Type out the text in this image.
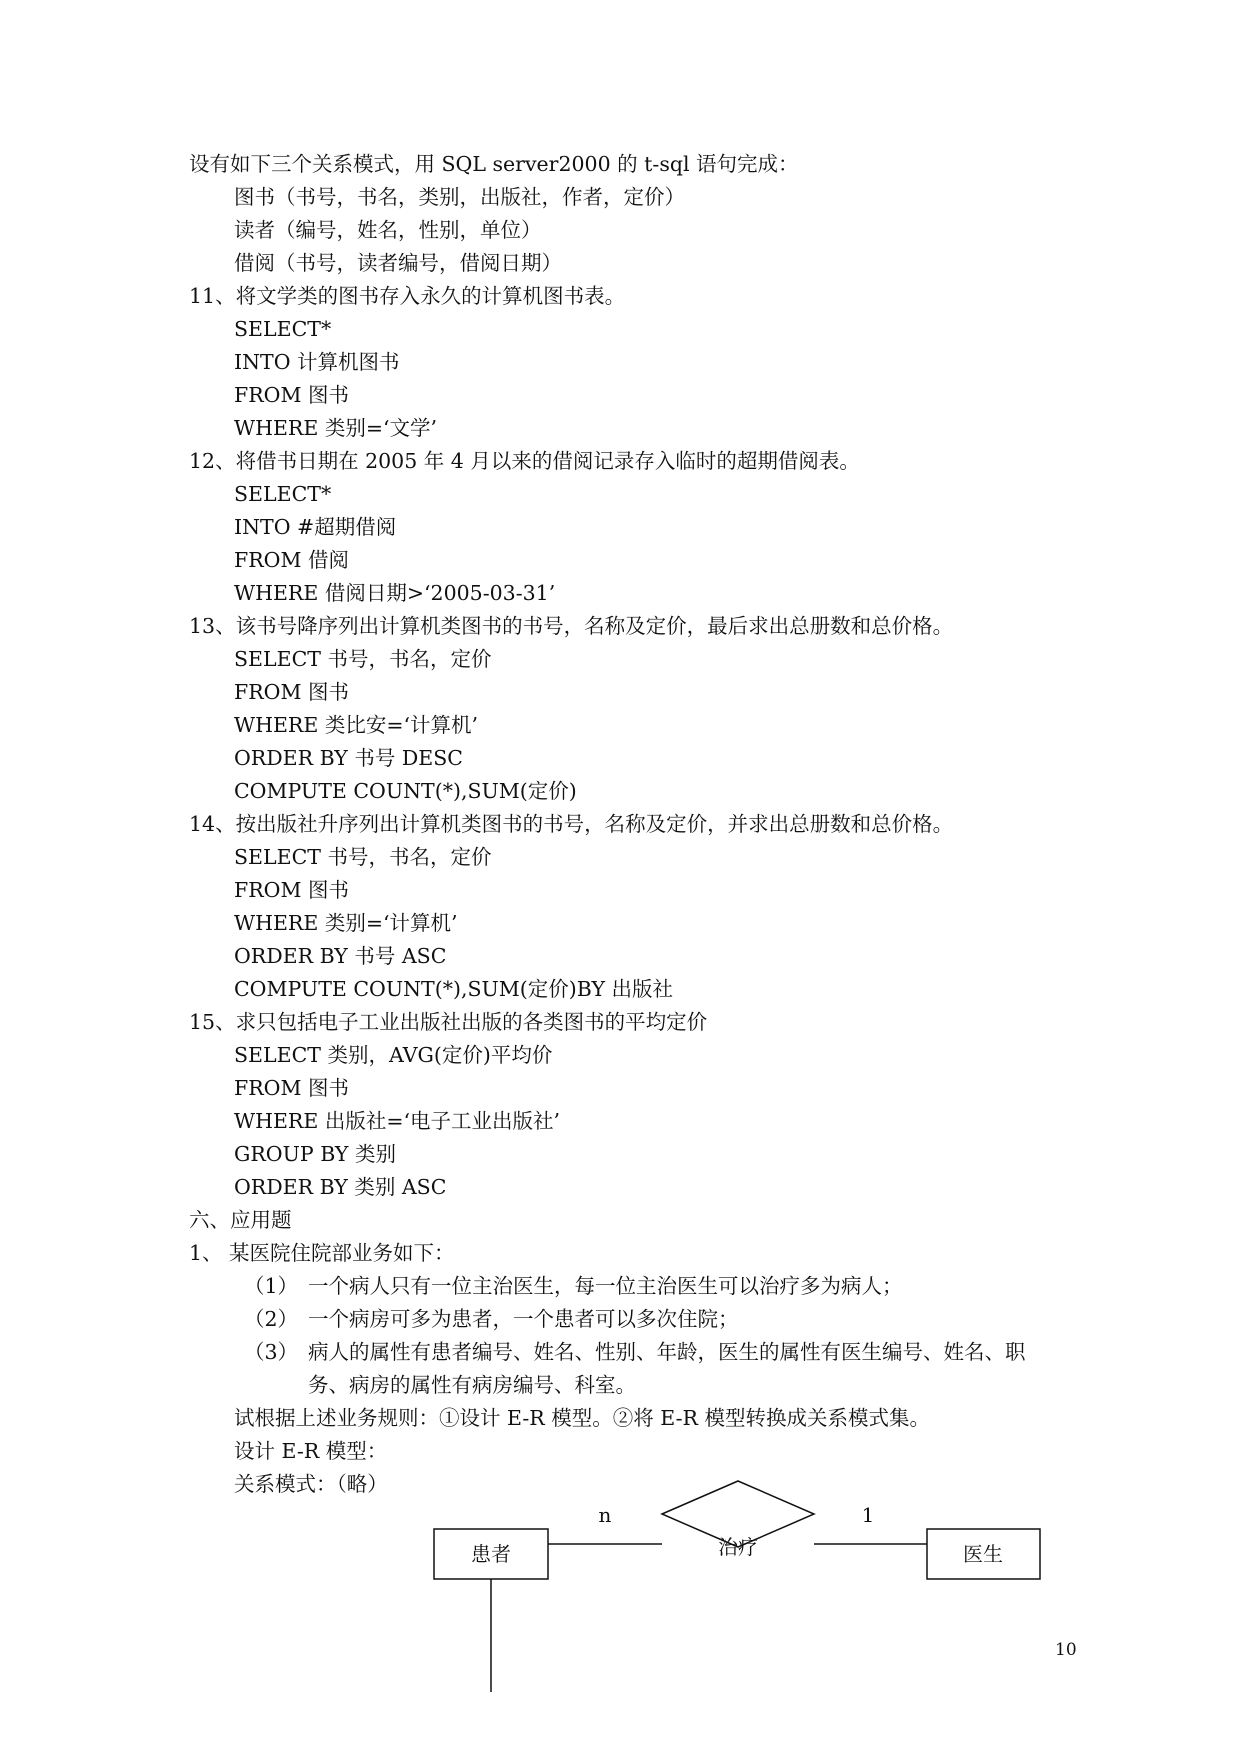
设有如下三个关系模式，用 SQL server2000 的 t-sql 语句完成：
图书（书号，书名，类别，出版社，作者，定价）
读者（编号，姓名，性别，单位）
借阅（书号，读者编号，借阅日期）
11、将文学类的图书存入永久的计算机图书表。
SELECT*
INTO 计算机图书
FROM 图书
WHERE 类别=‘文学’
12、将借书日期在 2005 年 4 月以来的借阅记录存入临时的超期借阅表。
SELECT*
INTO #超期借阅
FROM 借阅
WHERE 借阅日期>‘2005-03-31’
13、该书号降序列出计算机类图书的书号，名称及定价，最后求出总册数和总价格。
SELECT 书号，书名，定价
FROM 图书
WHERE 类比安=‘计算机’
ORDER BY 书号 DESC
COMPUTE COUNT(*),SUM(定价)
14、按出版社升序列出计算机类图书的书号，名称及定价，并求出总册数和总价格。
SELECT 书号，书名，定价
FROM 图书
WHERE 类别=‘计算机’
ORDER BY 书号 ASC
COMPUTE COUNT(*),SUM(定价)BY 出版社
15、求只包括电子工业出版社出版的各类图书的平均定价
SELECT 类别，AVG(定价)平均价
FROM 图书
WHERE 出版社=‘电子工业出版社’
GROUP BY 类别
ORDER BY 类别 ASC
六、应用题
1、 某医院住院部业务如下：
（1） 一个病人只有一位主治医生，每一位主治医生可以治疗多为病人；
（2） 一个病房可多为患者，一个患者可以多次住院；
（3） 病人的属性有患者编号、姓名、性别、年龄，医生的属性有医生编号、姓名、职
务、病房的属性有病房编号、科室。
试根据上述业务规则：①设计 E-R 模型。②将 E-R 模型转换成关系模式集。
设计 E-R 模型：
关系模式：（略）
患者	治疗	医生
n	1
10
